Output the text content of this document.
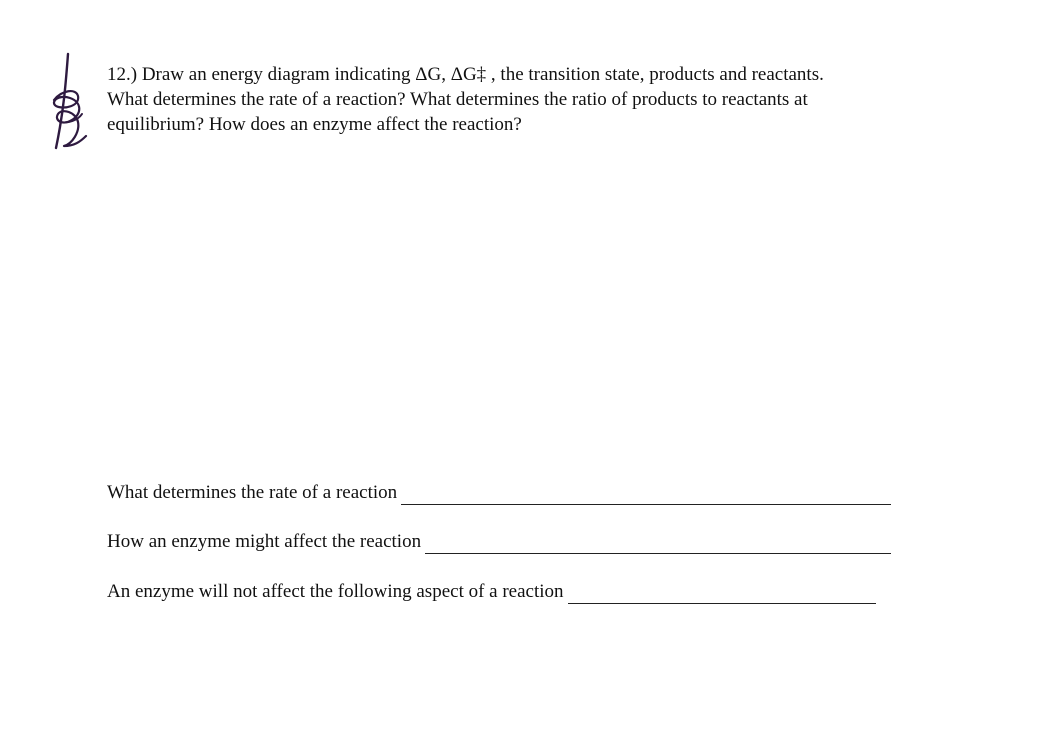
12.) Draw an energy diagram indicating ΔG, ΔG‡ , the transition state, products and reactants.
What determines the rate of a reaction? What determines the ratio of products to reactants at
equilibrium? How does an enzyme affect the reaction?
What determines the rate of a reaction
How an enzyme might affect the reaction
An enzyme will not affect the following aspect of a reaction
